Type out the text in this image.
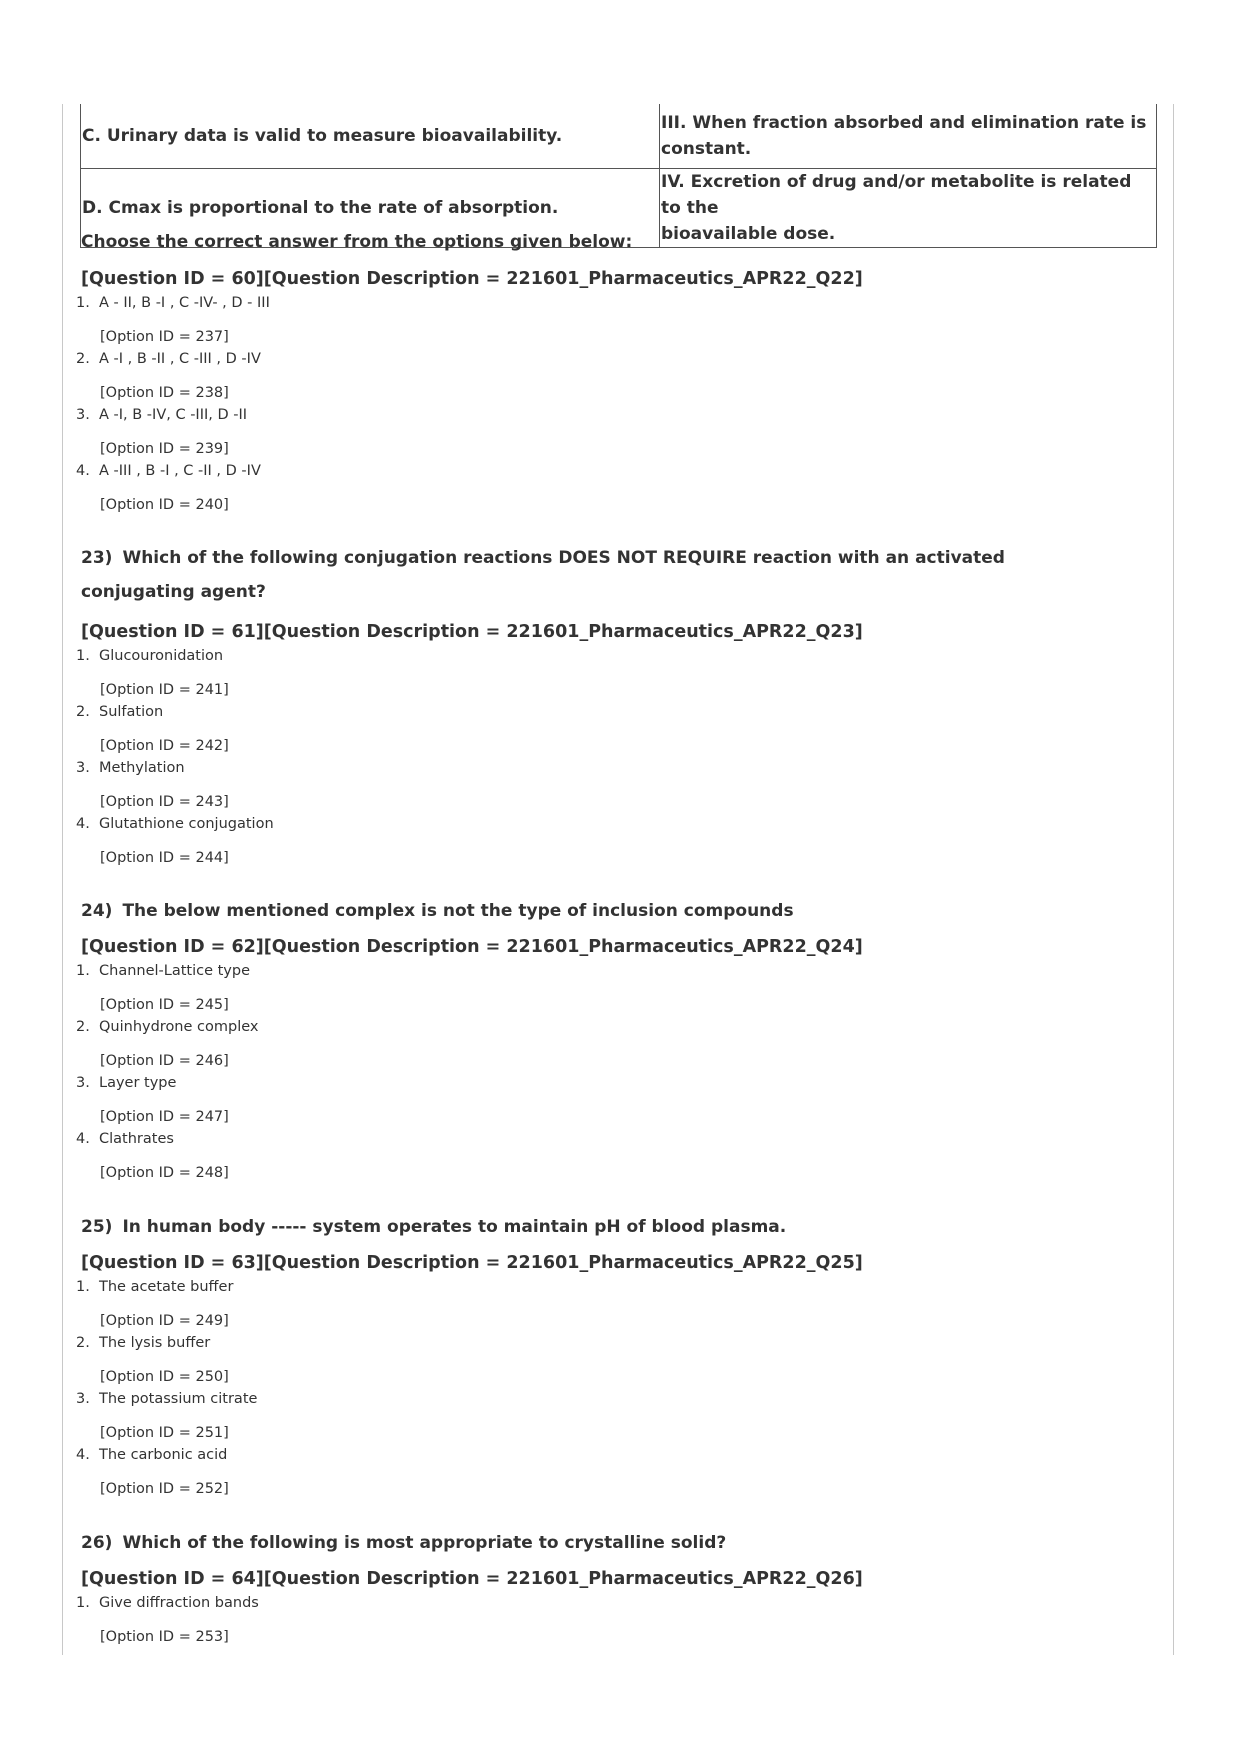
C. Urinary data is valid to measure bioavailability.	III. When fraction absorbed and elimination rate is
constant.
D. Cmax is proportional to the rate of absorption.	IV. Excretion of drug and/or metabolite is related to the
bioavailable dose.

Choose the correct answer from the options given below:

[Question ID = 60][Question Description = 221601_Pharmaceutics_APR22_Q22]

1. A - II, B -I , C -IV- , D - III
[Option ID = 237]
2. A -I , B -II , C -III , D -IV
[Option ID = 238]
3. A -I, B -IV, C -III, D -II
[Option ID = 239]
4. A -III , B -I , C -II , D -IV
[Option ID = 240]

23) Which of the following conjugation reactions DOES NOT REQUIRE reaction with an activated
conjugating agent?

[Question ID = 61][Question Description = 221601_Pharmaceutics_APR22_Q23]

1. Glucouronidation
[Option ID = 241]
2. Sulfation
[Option ID = 242]
3. Methylation
[Option ID = 243]
4. Glutathione conjugation
[Option ID = 244]

24) The below mentioned complex is not the type of inclusion compounds

[Question ID = 62][Question Description = 221601_Pharmaceutics_APR22_Q24]

1. Channel-Lattice type
[Option ID = 245]
2. Quinhydrone complex
[Option ID = 246]
3. Layer type
[Option ID = 247]
4. Clathrates
[Option ID = 248]

25) In human body ----- system operates to maintain pH of blood plasma.

[Question ID = 63][Question Description = 221601_Pharmaceutics_APR22_Q25]

1. The acetate buffer
[Option ID = 249]
2. The lysis buffer
[Option ID = 250]
3. The potassium citrate
[Option ID = 251]
4. The carbonic acid
[Option ID = 252]

26) Which of the following is most appropriate to crystalline solid?

[Question ID = 64][Question Description = 221601_Pharmaceutics_APR22_Q26]

1. Give diffraction bands
[Option ID = 253]
